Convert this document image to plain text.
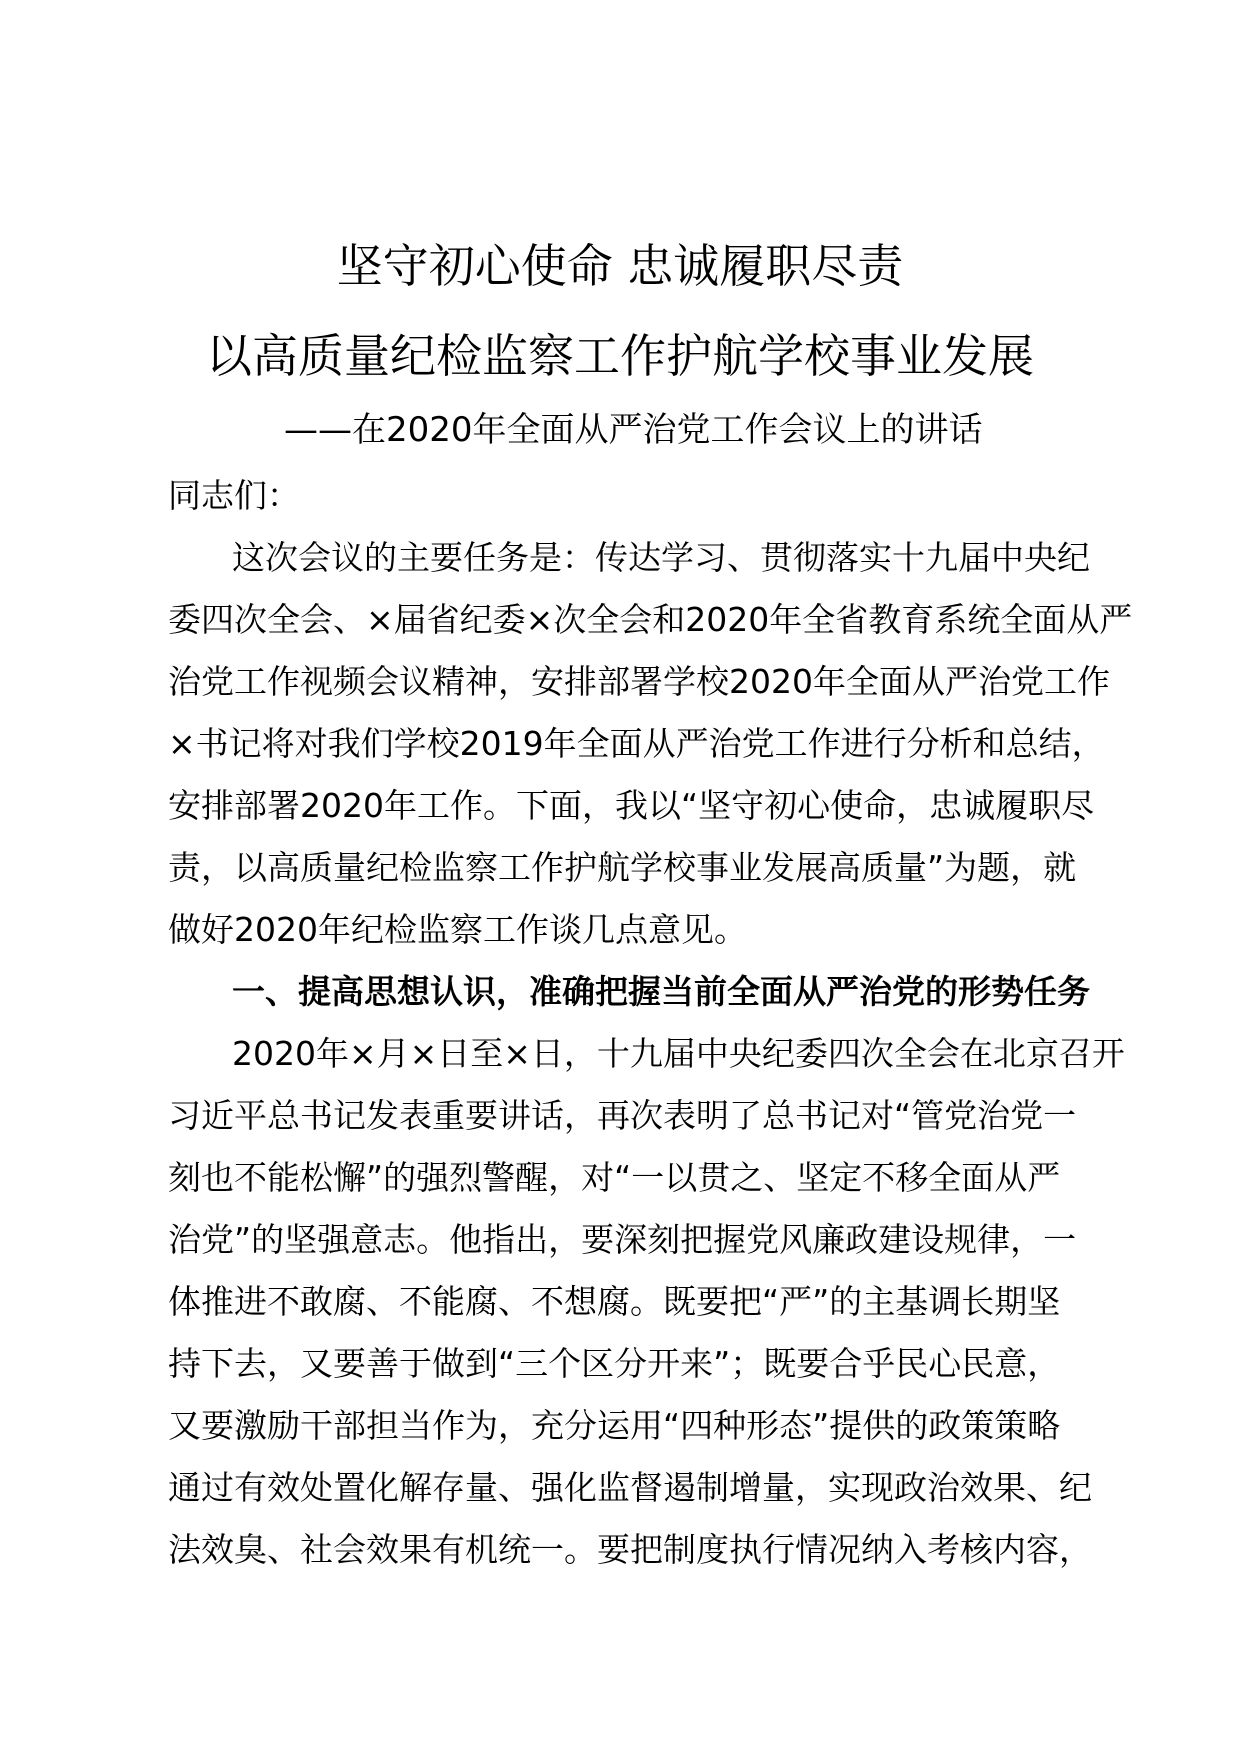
坚守初心使命 忠诚履职尽责
以高质量纪检监察工作护航学校事业发展
——在2020年全面从严治党工作会议上的讲话
同志们：
这次会议的主要任务是：传达学习、贯彻落实十九届中央纪
委四次全会、×届省纪委×次全会和2020年全省教育系统全面从严
治党工作视频会议精神，安排部署学校2020年全面从严治党工作
×书记将对我们学校2019年全面从严治党工作进行分析和总结，
安排部署2020年工作。下面，我以“坚守初心使命，忠诚履职尽
责，以高质量纪检监察工作护航学校事业发展高质量”为题，就
做好2020年纪检监察工作谈几点意见。
一、提高思想认识，准确把握当前全面从严治党的形势任务
2020年×月×日至×日，十九届中央纪委四次全会在北京召开
习近平总书记发表重要讲话，再次表明了总书记对“管党治党一
刻也不能松懈”的强烈警醒，对“一以贯之、坚定不移全面从严
治党”的坚强意志。他指出，要深刻把握党风廉政建设规律，一
体推进不敢腐、不能腐、不想腐。既要把“严”的主基调长期坚
持下去，又要善于做到“三个区分开来”；既要合乎民心民意，
又要激励干部担当作为，充分运用“四种形态”提供的政策策略
通过有效处置化解存量、强化监督遏制增量，实现政治效果、纪
法效臭、社会效果有机统一。要把制度执行情况纳入考核内容，
